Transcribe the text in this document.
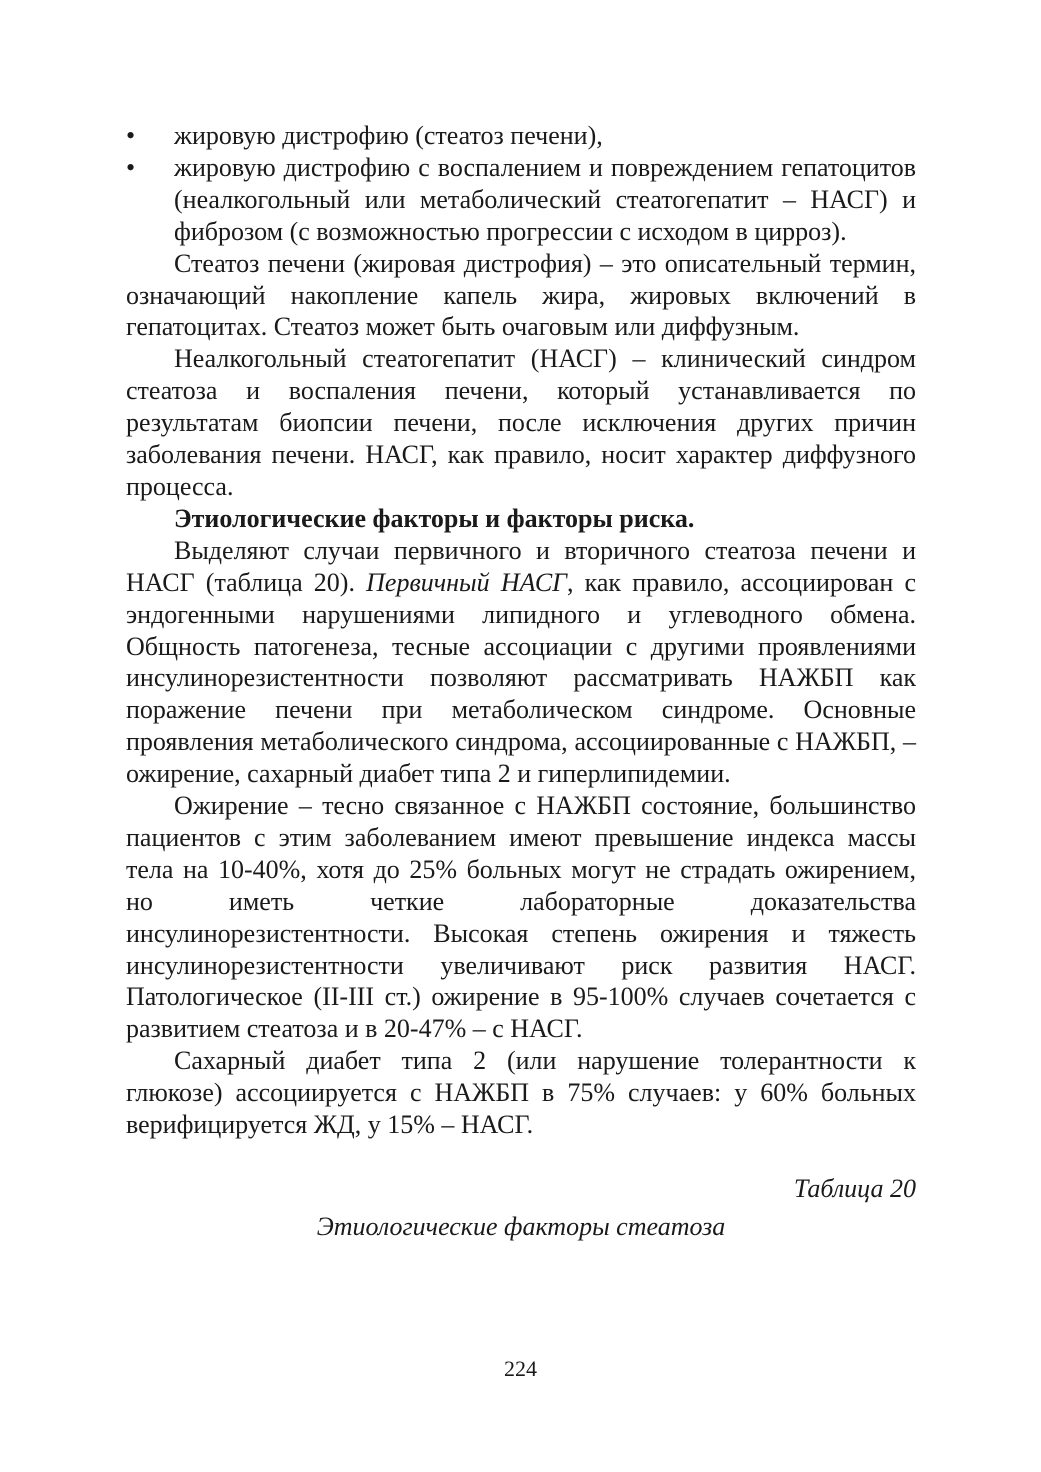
• жировую дистрофию (стеатоз печени),
• жировую дистрофию с воспалением и повреждением гепатоцитов (неалкогольный или метаболический стеатогепатит – НАСГ) и фиброзом (с возможностью прогрессии с исходом в цирроз).

Стеатоз печени (жировая дистрофия) – это описательный термин, означающий накопление капель жира, жировых включений в гепатоцитах. Стеатоз может быть очаговым или диффузным.

Неалкогольный стеатогепатит (НАСГ) – клинический синдром стеатоза и воспаления печени, который устанавливается по результатам биопсии печени, после исключения других причин заболевания печени. НАСГ, как правило, носит характер диффузного процесса.

Этиологические факторы и факторы риска.

Выделяют случаи первичного и вторичного стеатоза печени и НАСГ (таблица 20). Первичный НАСГ, как правило, ассоциирован с эндогенными нарушениями липидного и углеводного обмена. Общность патогенеза, тесные ассоциации с другими проявлениями инсулинорезистентности позволяют рассматривать НАЖБП как поражение печени при метаболическом синдроме. Основные проявления метаболического синдрома, ассоциированные с НАЖБП, – ожирение, сахарный диабет типа 2 и гиперлипидемии.

Ожирение – тесно связанное с НАЖБП состояние, большинство пациентов с этим заболеванием имеют превышение индекса массы тела на 10-40%, хотя до 25% больных могут не страдать ожирением, но иметь четкие лабораторные доказательства инсулинорезистентности. Высокая степень ожирения и тяжесть инсулинорезистентности увеличивают риск развития НАСГ. Патологическое (II-III ст.) ожирение в 95-100% случаев сочетается с развитием стеатоза и в 20-47% – с НАСГ.

Сахарный диабет типа 2 (или нарушение толерантности к глюкозе) ассоциируется с НАЖБП в 75% случаев: у 60% больных верифицируется ЖД, у 15% – НАСГ.

Таблица 20
Этиологические факторы стеатоза
224
